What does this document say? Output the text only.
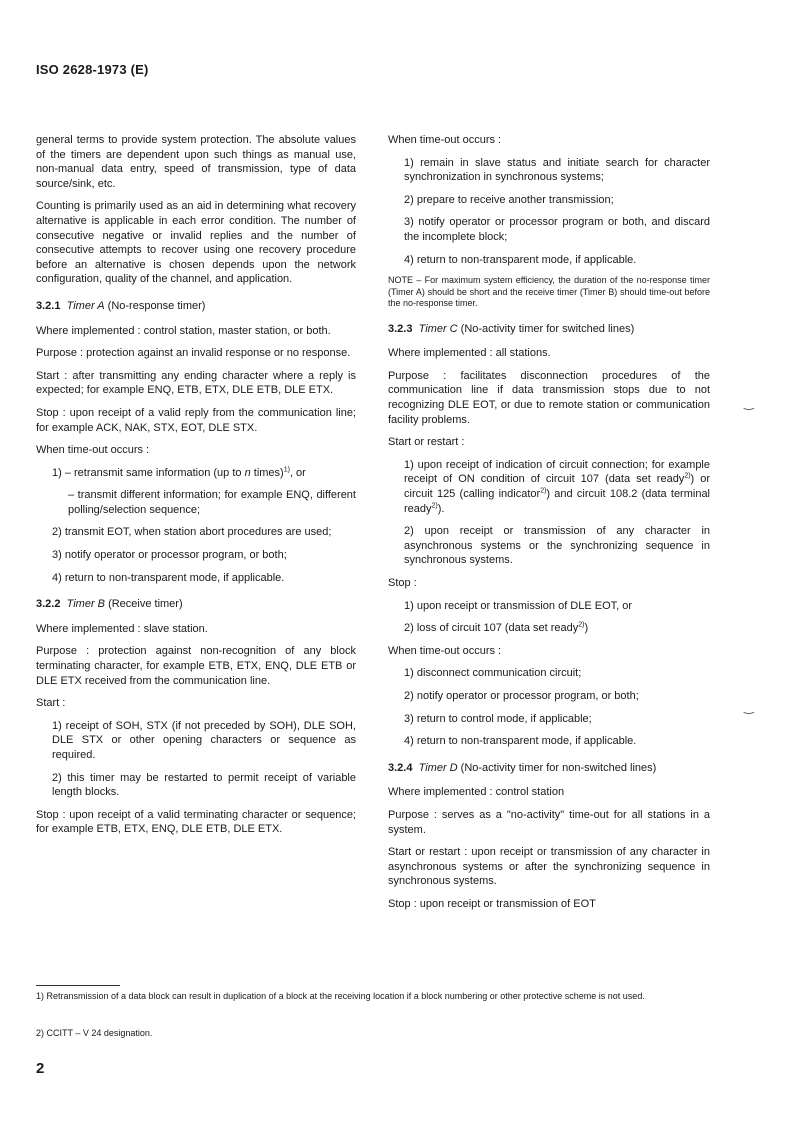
ISO 2628-1973 (E)

general terms to provide system protection. The absolute values of the timers are dependent upon such things as manual use, non-manual data entry, speed of transmission, type of data source/sink, etc.

Counting is primarily used as an aid in determining what recovery alternative is applicable in each error condition. The number of consecutive negative or invalid replies and the number of consecutive attempts to recover using one recovery procedure before an alternative is chosen depends upon the network configuration, quality of the channel, and application.

3.2.1 Timer A (No-response timer)

Where implemented : control station, master station, or both.

Purpose : protection against an invalid response or no response.

Start : after transmitting any ending character where a reply is expected; for example ENQ, ETB, ETX, DLE ETB, DLE ETX.

Stop : upon receipt of a valid reply from the communication line; for example ACK, NAK, STX, EOT, DLE STX.

When time-out occurs :

1) – retransmit same information (up to n times)$^{1)}$, or

– transmit different information; for example ENQ, different polling/selection sequence;

2) transmit EOT, when station abort procedures are used;

3) notify operator or processor program, or both;

4) return to non-transparent mode, if applicable.

3.2.2 Timer B (Receive timer)

Where implemented : slave station.

Purpose : protection against non-recognition of any block terminating character, for example ETB, ETX, ENQ, DLE ETB or DLE ETX received from the communication line.

Start :

1) receipt of SOH, STX (if not preceded by SOH), DLE SOH, DLE STX or other opening characters or sequence as required.

2) this timer may be restarted to permit receipt of variable length blocks.

Stop : upon receipt of a valid terminating character or sequence; for example ETB, ETX, ENQ, DLE ETB, DLE ETX.

When time-out occurs :

1) remain in slave status and initiate search for character synchronization in synchronous systems;

2) prepare to receive another transmission;

3) notify operator or processor program or both, and discard the incomplete block;

4) return to non-transparent mode, if applicable.

NOTE – For maximum system efficiency, the duration of the no-response timer (Timer A) should be short and the receive timer (Timer B) should time-out before the no-response timer.

3.2.3 Timer C (No-activity timer for switched lines)

Where implemented : all stations.

Purpose : facilitates disconnection procedures of the communication line if data transmission stops due to not recognizing DLE EOT, or due to remote station or communication facility problems.

Start or restart :

1) upon receipt of indication of circuit connection; for example receipt of ON condition of circuit 107 (data set ready$^{2)}$) or circuit 125 (calling indicator$^{2)}$) and circuit 108.2 (data terminal ready$^{2)}$).

2) upon receipt or transmission of any character in asynchronous systems or the synchronizing sequence in synchronous systems.

Stop :

1) upon receipt or transmission of DLE EOT, or

2) loss of circuit 107 (data set ready$^{2)}$)

When time-out occurs :

1) disconnect communication circuit;

2) notify operator or processor program, or both;

3) return to control mode, if applicable;

4) return to non-transparent mode, if applicable.

3.2.4 Timer D (No-activity timer for non-switched lines)

Where implemented : control station

Purpose : serves as a "no-activity" time-out for all stations in a system.

Start or restart : upon receipt or transmission of any character in asynchronous systems or after the synchronizing sequence in synchronous systems.

Stop : upon receipt or transmission of EOT

‿
‿
1) Retransmission of a data block can result in duplication of a block at the receiving location if a block numbering or other protective scheme is not used.
2) CCITT – V 24 designation.
2
